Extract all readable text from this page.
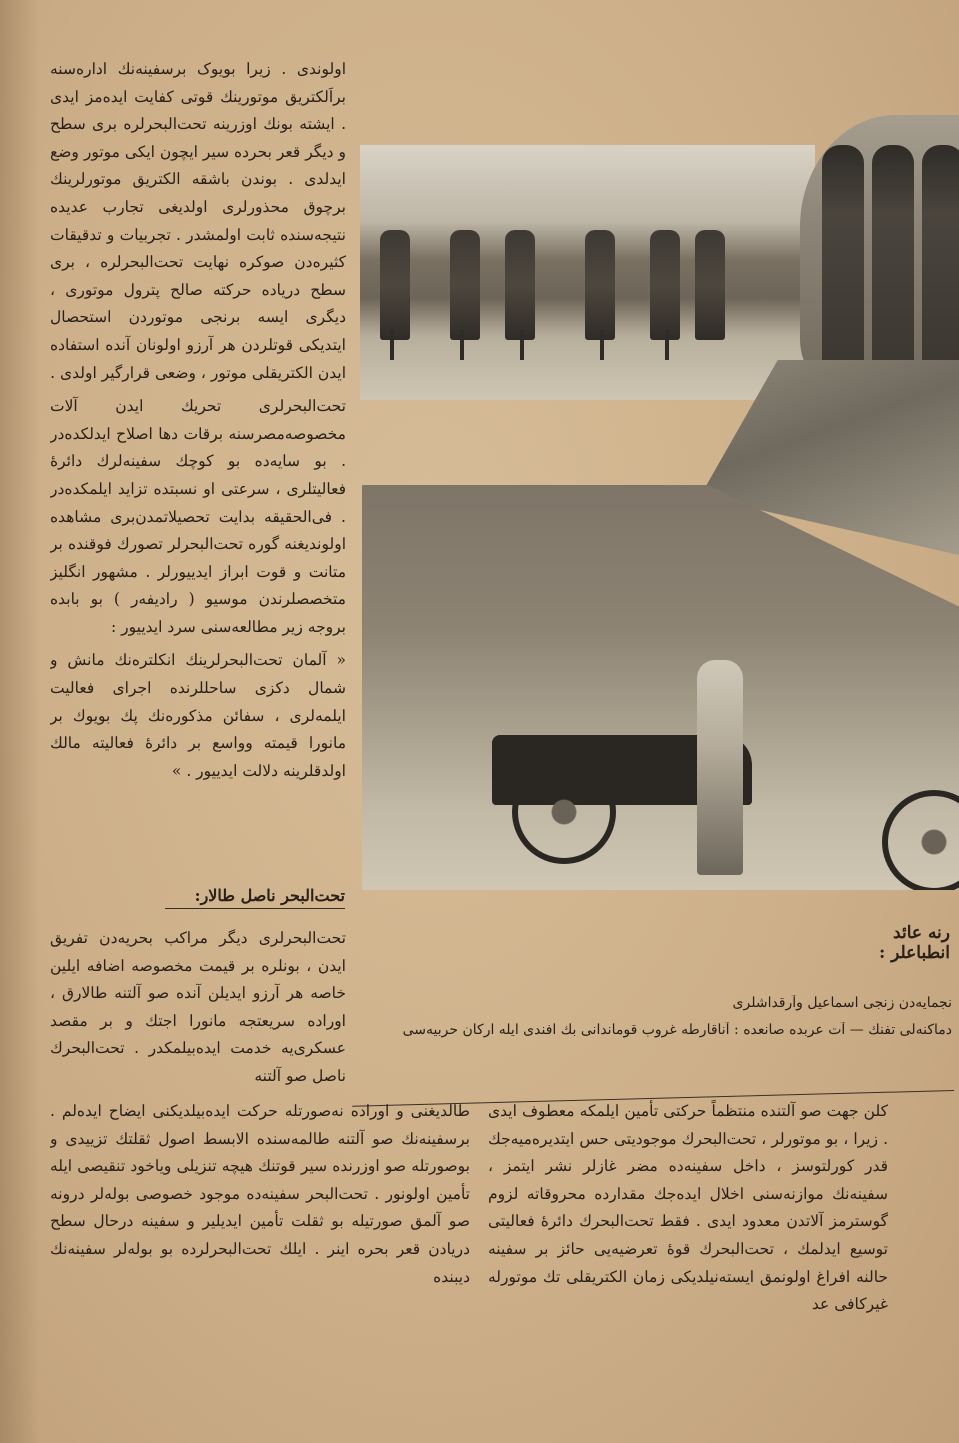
اولوندی . زیرا بویوک برسفینه‌نك اداره‌سنه براَلكتریق موتورینك قوتی كفایت ایده‌مز ایدی . ایشته بونك اوزرینه تحت‌البحرلره بری سطح و دیگر قعر بحرده سیر ایچون ایكی موتور وضع ایدلدی . بوندن باشقه الكتریق موتورلرینك برچوق محذورلری اولدیغی تجارب عدیده نتیجه‌سنده ثابت اولمشدر . تجربیات و تدقیقات كثیره‌دن صوكره نهایت تحت‌البحرلره ، بری سطح دریاده حركته صالح پترول موتوری ، دیگری ایسه برنجی موتوردن استحصال ایتدیكی قوتلردن هر آرزو اولونان آنده استفاده ایدن الكتریقلی موتور ، وضعی قرارگیر اولدی .

تحت‌البحرلری تحریك ایدن آلات مخصوصه‌مصرسنه برقات دها اصلاح ایدلكده‌در . بو سایه‌ده بو كوچك سفینه‌لرك دائرهٔ فعالیتلری ، سرعتی او نسبتده تزاید ایلمكده‌در . فی‌الحقیقه بدایت تحصیلاتمدن‌بری مشاهده اولوندیغنه گوره تحت‌البحرلر تصورك فوقنده بر متانت و قوت ابراز ایدییورلر . مشهور انگلیز متخصصلرندن موسیو ( رادیفه‌ر ) بو بابده بروجه زیر مطالعه‌سنی سرد ایدییور :

« آلمان تحت‌البحرلرینك انكلتره‌نك مانش و شمال دكزی ساحللرنده اجرای فعالیت ایلمه‌لری ، سفائن مذكوره‌نك پك بویوك بر مانورا قیمته وواسع بر دائرهٔ فعالیته مالك اولدقلرینه دلالت ایدییور . »

تحت‌البحر ناصل طالار:

تحت‌البحرلری دیگر مراكب بحریه‌دن تفریق ایدن ، بونلره بر قیمت مخصوصه اضافه ایلین خاصه هر آرزو ایدیلن آنده صو آلتنه طالارق ، اوراده سریعتجه مانورا اجتك و بر مقصد عسكری‌یه خدمت ایده‌بیلمكدر . تحت‌البحرك ناصل صو آلتنه

رنه عائد انطباعلر :
نجمایه‌دن زنجی اسماعیل وآرقداشلری
دماكنه‌لی تفنك — آت عربده صانعده : آناقارطه غروب قوماندانی بك افندی ایله اركان حربیه‌سی

كلن جهت صو آلتنده منتظماً حركتی تأمین ایلمكه معطوف ایدی . زیرا ، بو موتورلر ، تحت‌البحرك موجودیتی حس ایتدیره‌میه‌جك قدر كورلتوسز ، داخل سفینه‌ده مضر غازلر نشر ایتمز ، سفینه‌نك موازنه‌سنی اخلال ایده‌جك مقدارده محروقاته لزوم گوسترمز آلاتدن معدود ایدی . فقط تحت‌البحرك دائرهٔ فعالیتی توسیع ایدلمك ، تحت‌البحرك قوهٔ تعرضیه‌یی حائز بر سفینه حالنه افراغ اولونمق ایسته‌نیلدیكی زمان الكتریقلی تك موتورله غیركافی عد

طالدیغنی و اوراده نه‌صورتله حركت ایده‌بیلدیكنی ایضاح ایده‌لم . برسفینه‌نك صو آلتنه طالمه‌سنده الابسط اصول ثقلتك تزییدی و بوصورتله صو اوزرنده سیر قوتنك هیچه تنزیلی ویاخود تنقیصی ایله تأمین اولونور . تحت‌البحر سفینه‌ده موجود خصوصی بوله‌لر درونه صو آلمق صورتیله بو ثقلت تأمین ایدیلیر و سفینه درحال سطح دریادن قعر بحره اینر . ایلك تحت‌البحرلرده بو بوله‌لر سفینه‌نك دیبنده
